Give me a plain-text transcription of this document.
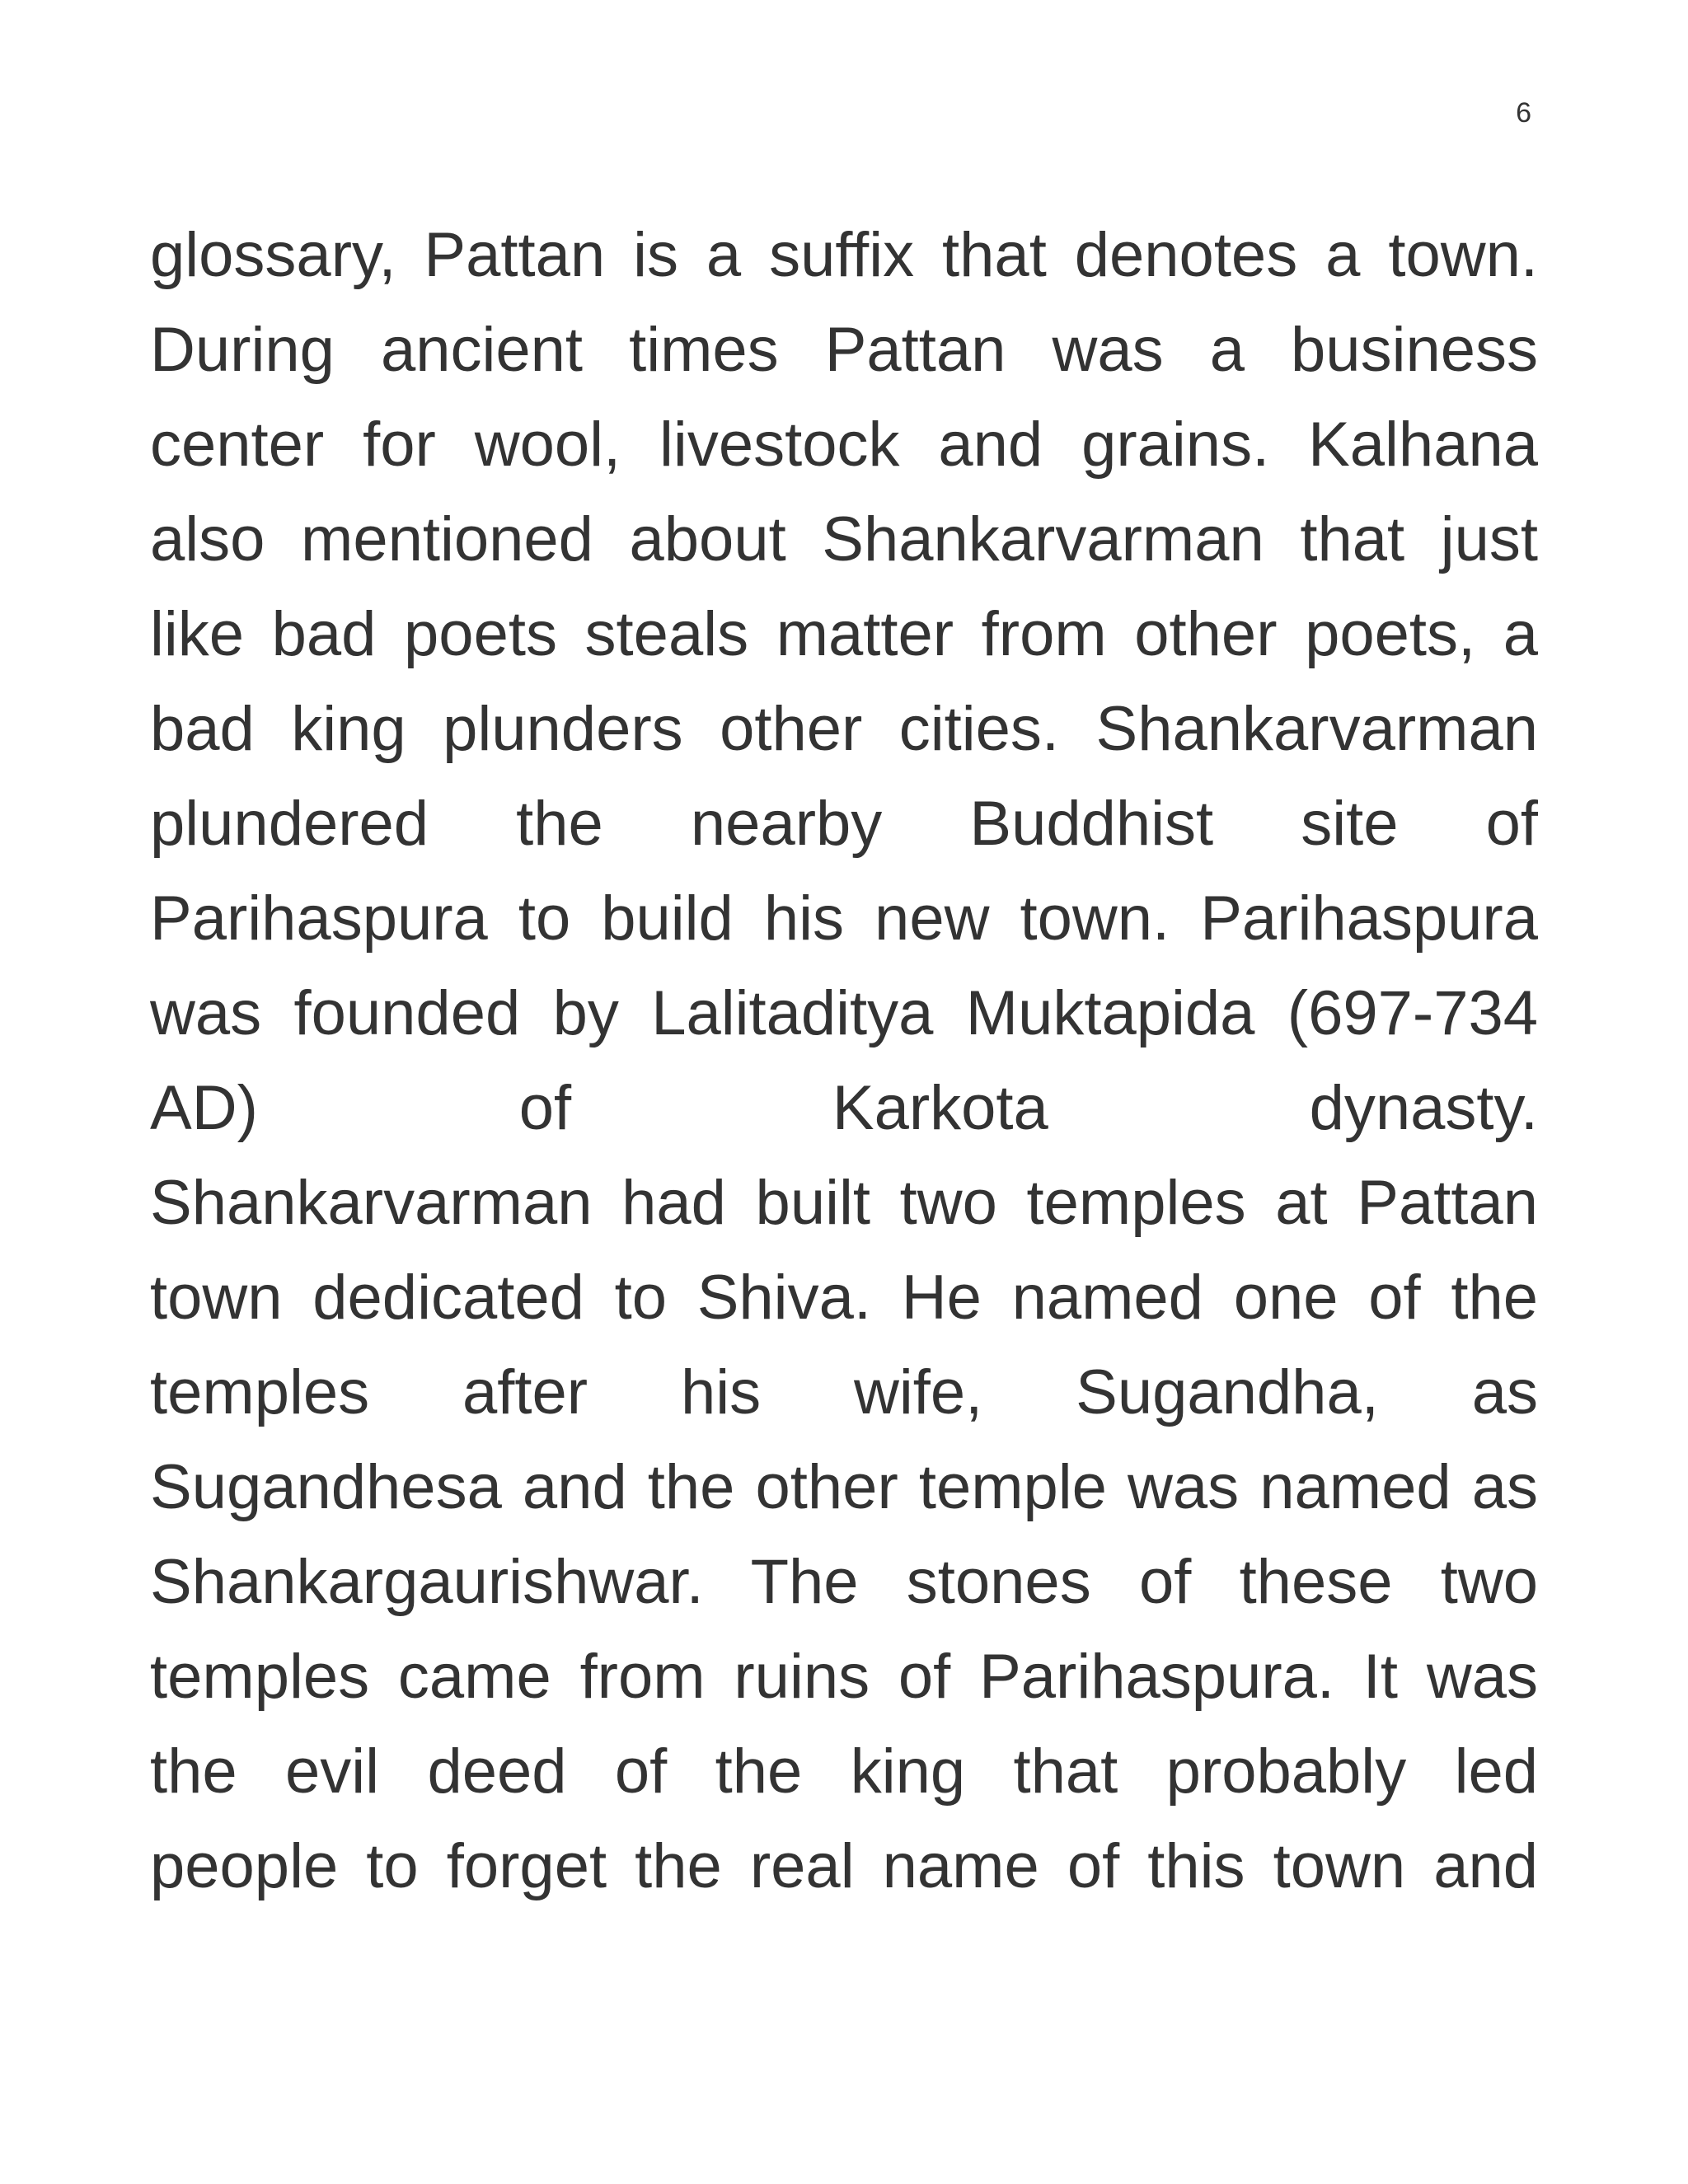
6
glossary, Pattan is a suffix that denotes a town.
During ancient times Pattan was a business
center for wool, livestock and grains. Kalhana
also mentioned about Shankarvarman that just
like bad poets steals matter from other poets, a
bad king plunders other cities. Shankarvarman
plundered the nearby Buddhist site of
Parihaspura to build his new town. Parihaspura
was founded by Lalitaditya Muktapida (697-734
AD) of Karkota dynasty.
Shankarvarman had built two temples at Pattan
town dedicated to Shiva. He named one of the
temples after his wife, Sugandha, as
Sugandhesa and the other temple was named as
Shankargaurishwar. The stones of these two
temples came from ruins of Parihaspura. It was
the evil deed of the king that probably led
people to forget the real name of this town and
